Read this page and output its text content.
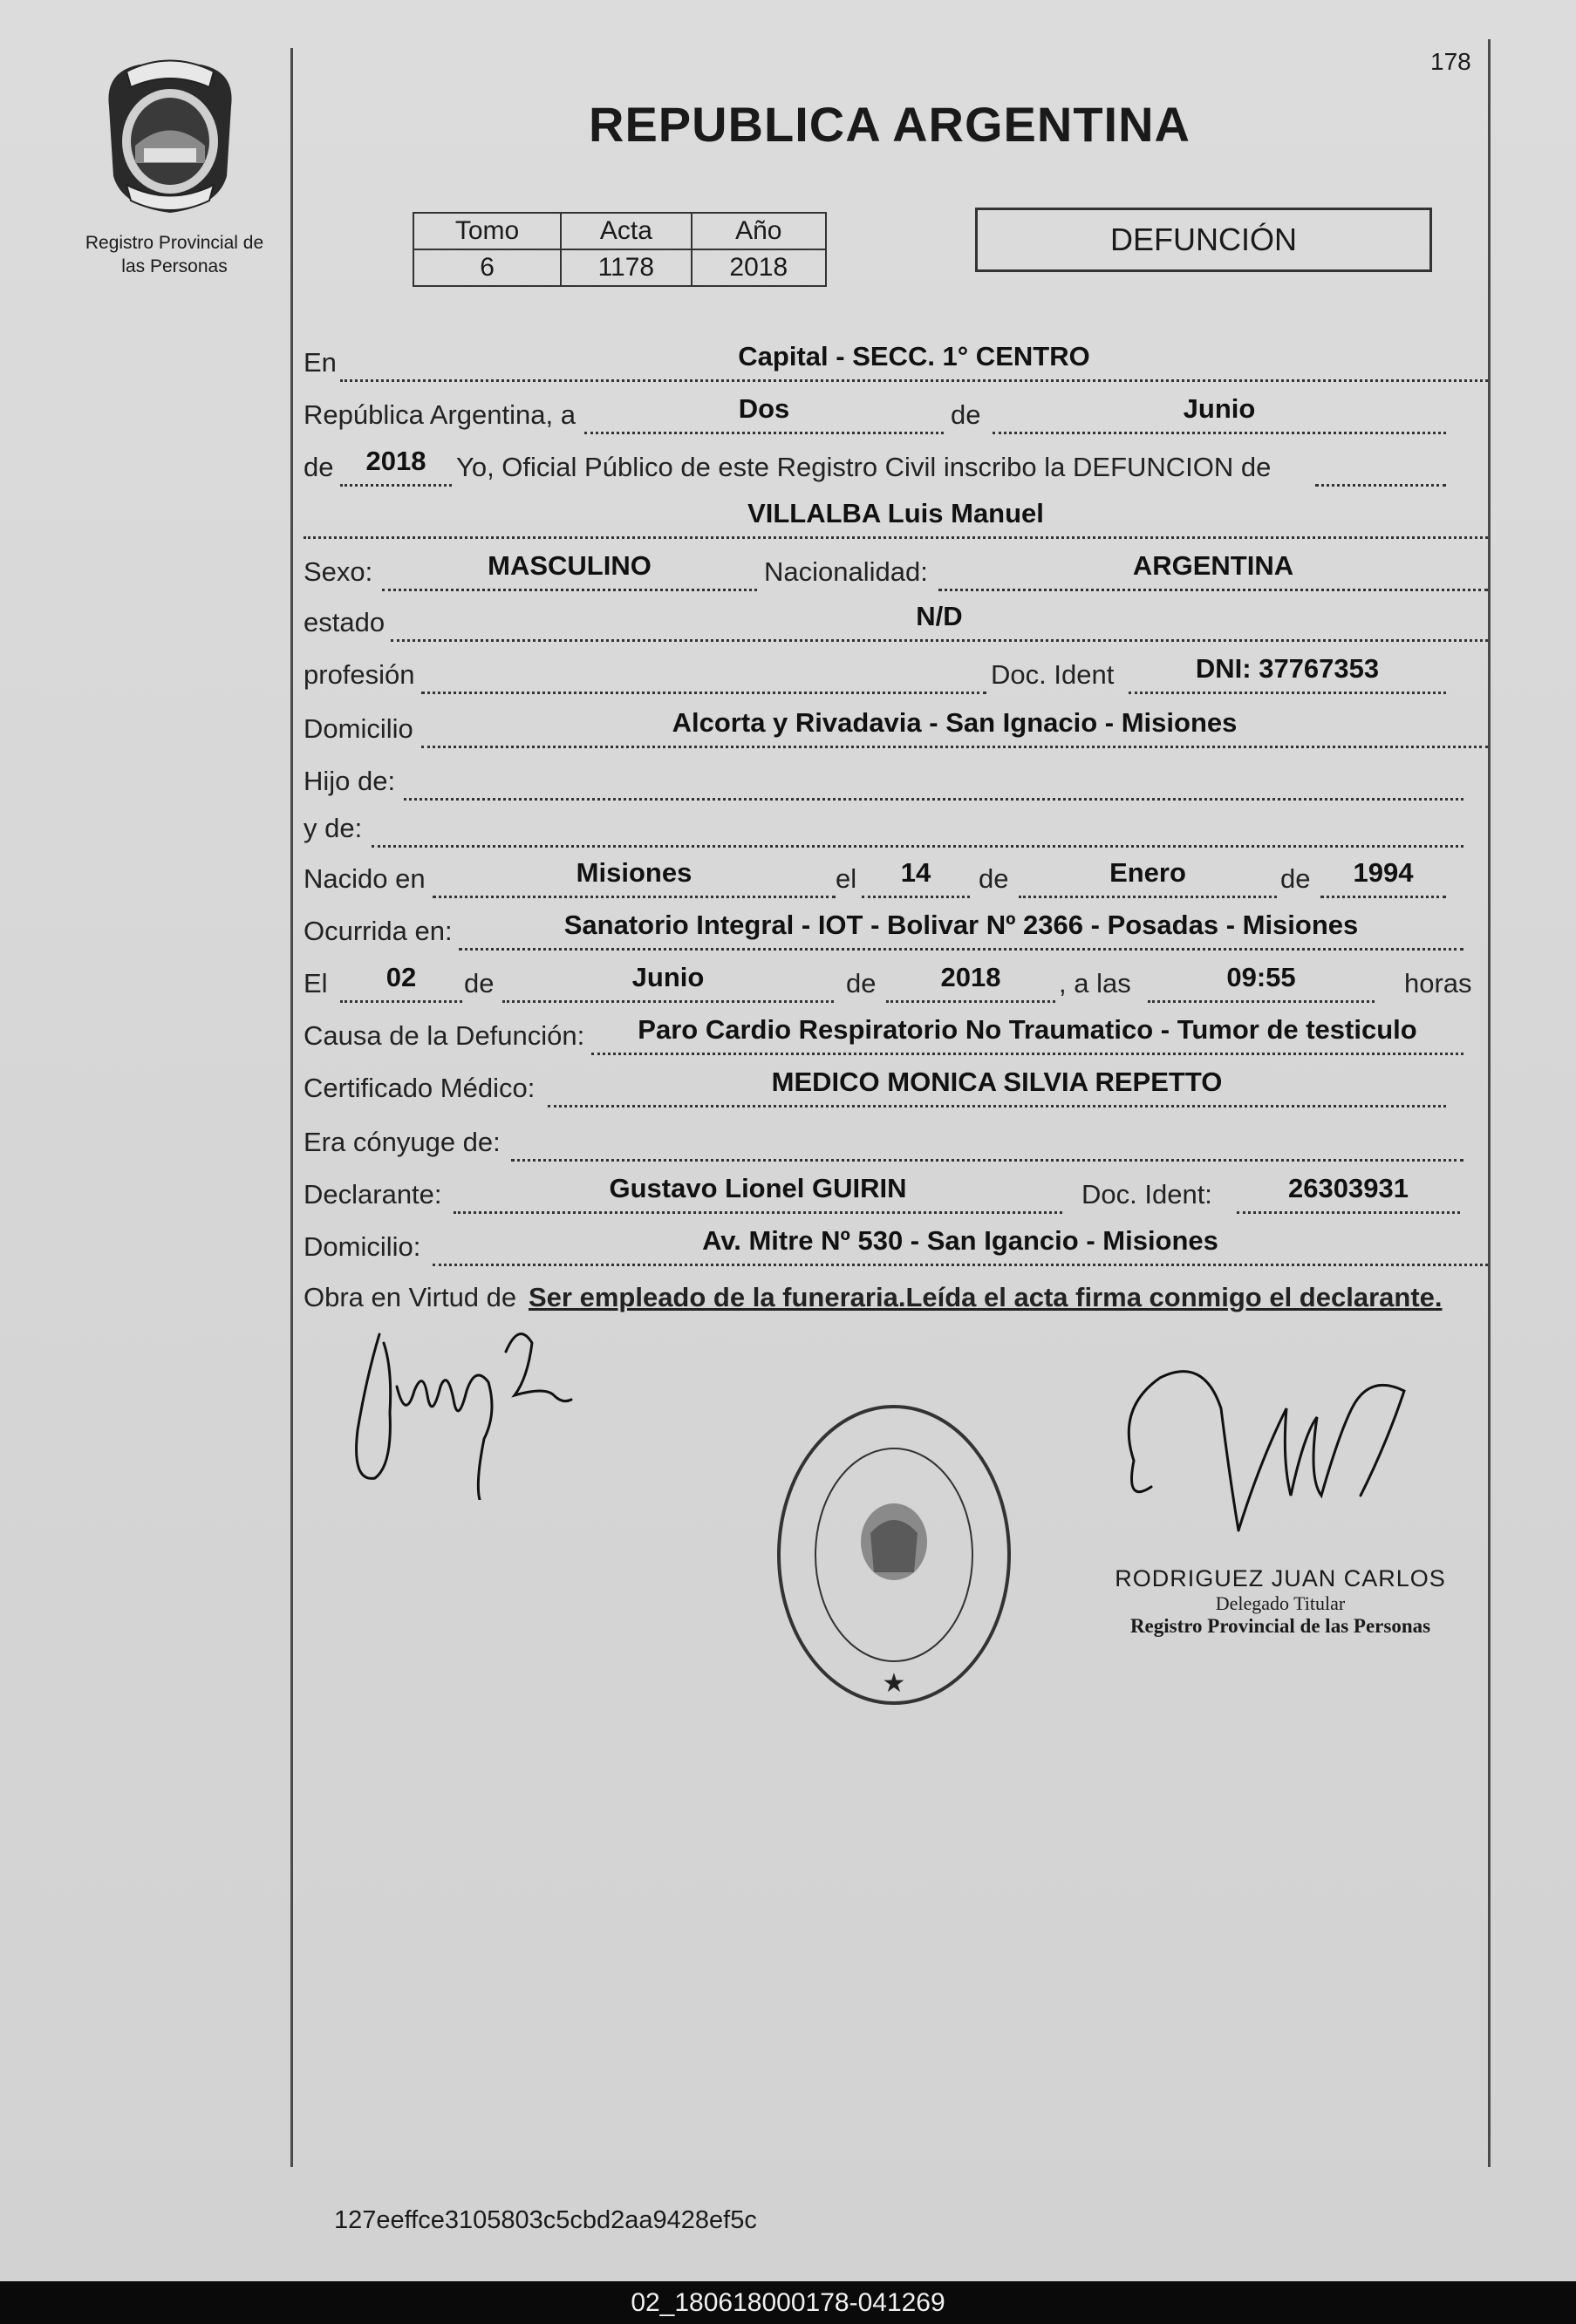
178
Registro Provincial de
las Personas
REPUBLICA ARGENTINA
Tomo	Acta	Año
6	1178	2018
DEFUNCIÓN
En	Capital - SECC. 1° CENTRO
República Argentina, a	Dos	de	Junio
de	2018	Yo, Oficial Público de este Registro Civil inscribo la DEFUNCION de
VILLALBA Luis Manuel
Sexo:	MASCULINO	Nacionalidad:	ARGENTINA
estado	N/D
profesión	Doc. Ident	DNI: 37767353
Domicilio	Alcorta y Rivadavia - San Ignacio - Misiones
Hijo de:
y de:
Nacido en	Misiones	el	14	de	Enero	de	1994
Ocurrida en:	Sanatorio Integral - IOT - Bolivar Nº 2366 - Posadas - Misiones
El	02	de	Junio	de	2018	, a las	09:55	horas
Causa de la Defunción:	Paro Cardio Respiratorio No Traumatico - Tumor de testiculo
Certificado Médico:	MEDICO MONICA SILVIA REPETTO
Era cónyuge de:
Declarante:	Gustavo Lionel GUIRIN	Doc. Ident:	26303931
Domicilio:	Av. Mitre Nº 530 - San Igancio - Misiones
Obra en Virtud de Ser empleado de la funeraria.Leída el acta firma conmigo el declarante.
★
RODRIGUEZ JUAN CARLOS
Delegado Titular
Registro Provincial de las Personas
127eeffce3105803c5cbd2aa9428ef5c
02_180618000178-041269
